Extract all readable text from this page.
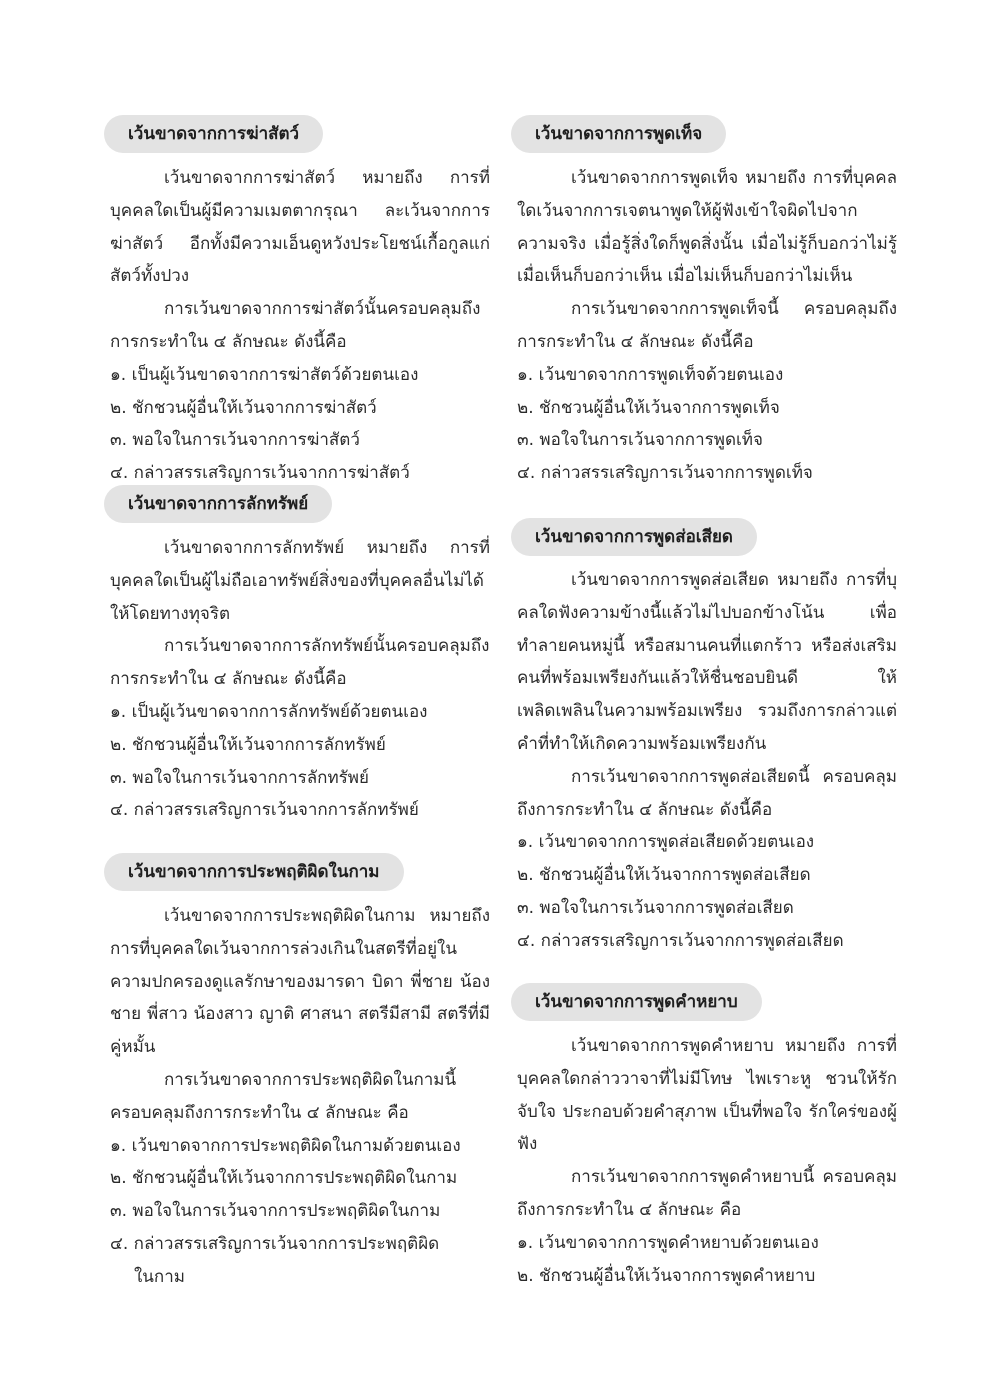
เว้นขาดจากการฆ่าสัตว์

เว้นขาดจากการฆ่าสัตว์ หมายถึง การที่บุคคลใดเป็นผู้มีความเมตตากรุณา ละเว้นจากการฆ่าสัตว์ อีกทั้งมีความเอ็นดูหวังประโยชน์เกื้อกูลแก่สัตว์ทั้งปวง

การเว้นขาดจากการฆ่าสัตว์นั้นครอบคลุมถึงการกระทำใน ๔ ลักษณะ ดังนี้คือ

๑. เป็นผู้เว้นขาดจากการฆ่าสัตว์ด้วยตนเอง

๒. ชักชวนผู้อื่นให้เว้นจากการฆ่าสัตว์

๓. พอใจในการเว้นจากการฆ่าสัตว์

๔. กล่าวสรรเสริญการเว้นจากการฆ่าสัตว์

เว้นขาดจากการลักทรัพย์

เว้นขาดจากการลักทรัพย์ หมายถึง การที่บุคคลใดเป็นผู้ไม่ถือเอาทรัพย์สิ่งของที่บุคคลอื่นไม่ได้ให้โดยทางทุจริต

การเว้นขาดจากการลักทรัพย์นั้นครอบคลุมถึงการกระทำใน ๔ ลักษณะ ดังนี้คือ

๑. เป็นผู้เว้นขาดจากการลักทรัพย์ด้วยตนเอง

๒. ชักชวนผู้อื่นให้เว้นจากการลักทรัพย์

๓. พอใจในการเว้นจากการลักทรัพย์

๔. กล่าวสรรเสริญการเว้นจากการลักทรัพย์

เว้นขาดจากการประพฤติผิดในกาม

เว้นขาดจากการประพฤติผิดในกาม หมายถึง การที่บุคคลใดเว้นจากการล่วงเกินในสตรีที่อยู่ในความปกครองดูแลรักษาของมารดา บิดา พี่ชาย น้องชาย พี่สาว น้องสาว ญาติ ศาสนา สตรีมีสามี สตรีที่มีคู่หมั้น

การเว้นขาดจากการประพฤติผิดในกามนี้ครอบคลุมถึงการกระทำใน ๔ ลักษณะ คือ

๑. เว้นขาดจากการประพฤติผิดในกามด้วยตนเอง

๒. ชักชวนผู้อื่นให้เว้นจากการประพฤติผิดในกาม

๓. พอใจในการเว้นจากการประพฤติผิดในกาม

๔. กล่าวสรรเสริญการเว้นจากการประพฤติผิด

ในกาม

เว้นขาดจากการพูดเท็จ

เว้นขาดจากการพูดเท็จ หมายถึง การที่บุคคลใดเว้นจากการเจตนาพูดให้ผู้ฟังเข้าใจผิดไปจากความจริง เมื่อรู้สิ่งใดก็พูดสิ่งนั้น เมื่อไม่รู้ก็บอกว่าไม่รู้ เมื่อเห็นก็บอกว่าเห็น เมื่อไม่เห็นก็บอกว่าไม่เห็น

การเว้นขาดจากการพูดเท็จนี้ ครอบคลุมถึงการกระทำใน ๔ ลักษณะ ดังนี้คือ

๑. เว้นขาดจากการพูดเท็จด้วยตนเอง

๒. ชักชวนผู้อื่นให้เว้นจากการพูดเท็จ

๓. พอใจในการเว้นจากการพูดเท็จ

๔. กล่าวสรรเสริญการเว้นจากการพูดเท็จ

เว้นขาดจากการพูดส่อเสียด

เว้นขาดจากการพูดส่อเสียด หมายถึง การที่บุคลใดฟังความข้างนี้แล้วไม่ไปบอกข้างโน้น เพื่อทำลายคนหมู่นี้ หรือสมานคนที่แตกร้าว หรือส่งเสริมคนที่พร้อมเพรียงกันแล้วให้ชื่นชอบยินดี ให้เพลิดเพลินในความพร้อมเพรียง รวมถึงการกล่าวแต่คำที่ทำให้เกิดความพร้อมเพรียงกัน

การเว้นขาดจากการพูดส่อเสียดนี้ ครอบคลุมถึงการกระทำใน ๔ ลักษณะ ดังนี้คือ

๑. เว้นขาดจากการพูดส่อเสียดด้วยตนเอง

๒. ชักชวนผู้อื่นให้เว้นจากการพูดส่อเสียด

๓. พอใจในการเว้นจากการพูดส่อเสียด

๔. กล่าวสรรเสริญการเว้นจากการพูดส่อเสียด

เว้นขาดจากการพูดคำหยาบ

เว้นขาดจากการพูดคำหยาบ หมายถึง การที่บุคคลใดกล่าววาจาที่ไม่มีโทษ ไพเราะหู ชวนให้รัก จับใจ ประกอบด้วยคำสุภาพ เป็นที่พอใจ รักใคร่ของผู้ฟัง

การเว้นขาดจากการพูดคำหยาบนี้ ครอบคลุมถึงการกระทำใน ๔ ลักษณะ คือ

๑. เว้นขาดจากการพูดคำหยาบด้วยตนเอง

๒. ชักชวนผู้อื่นให้เว้นจากการพูดคำหยาบ
